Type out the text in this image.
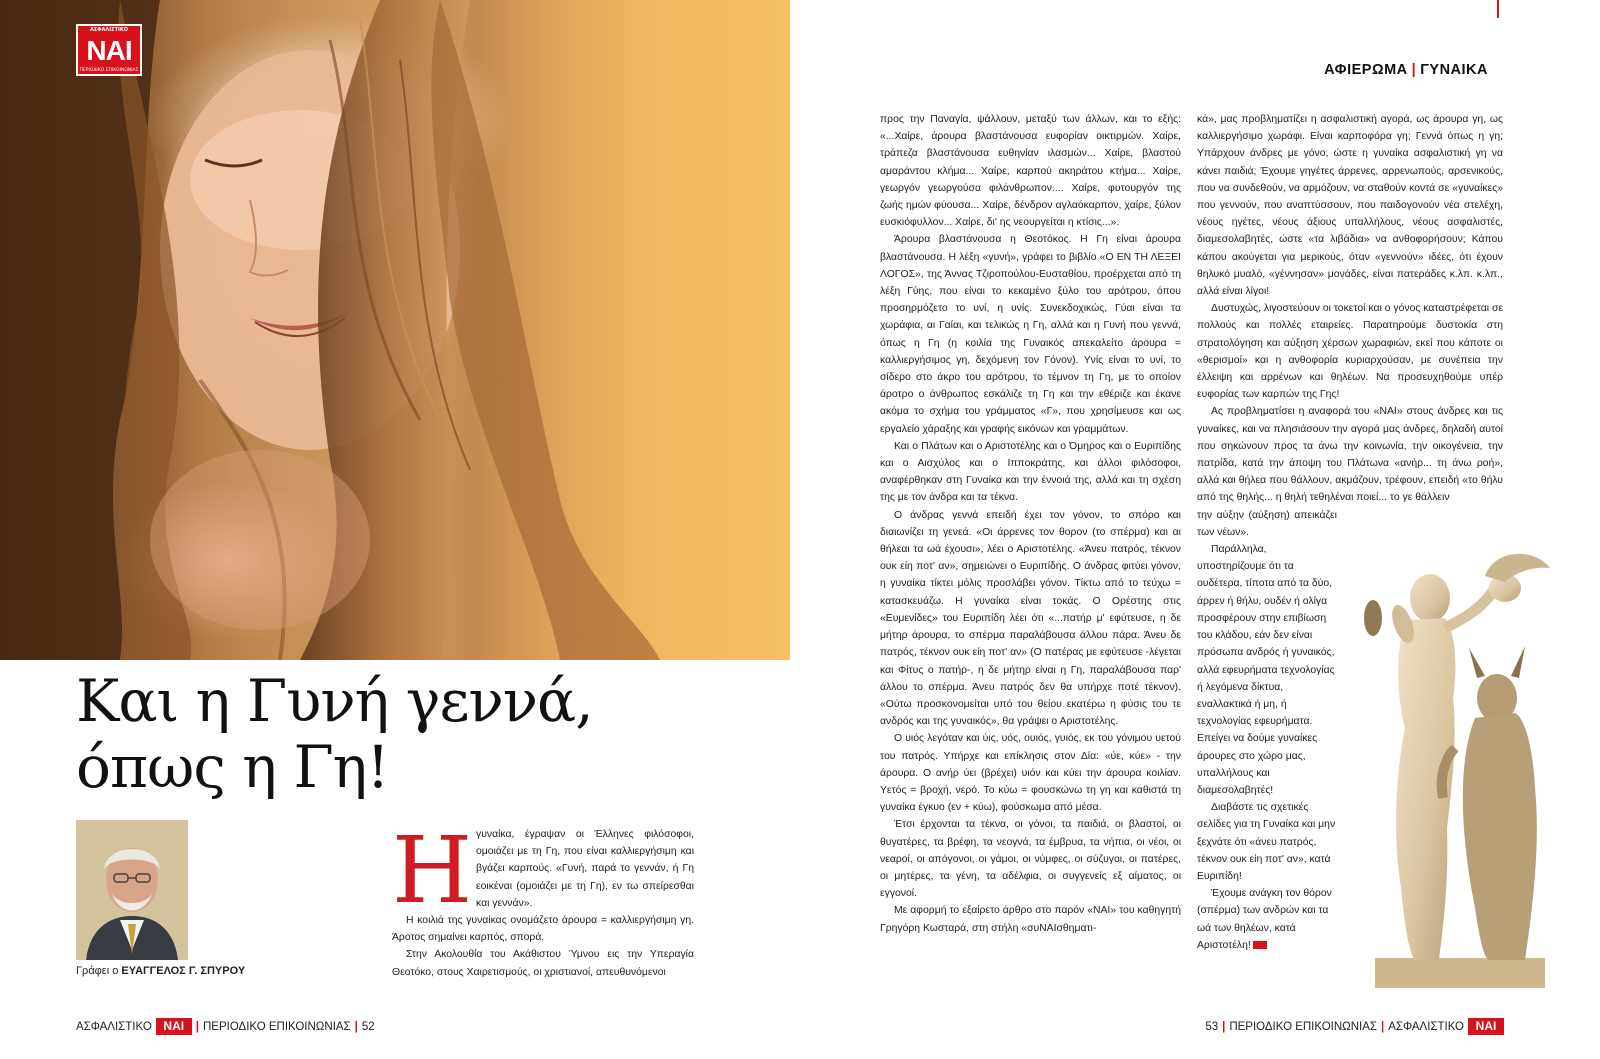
ΑΣΦΑΛΙΣΤΙΚΟ
ΝΑΙ
ΠΕΡΙΟΔΙΚΟ ΕΠΙΚΟΙΝΩΝΙΑΣ
Και η Γυνή γεννά,
όπως η Γη!
Γράφει ο ΕΥΑΓΓΕΛΟΣ Γ. ΣΠΥΡΟΥ
Η γυναίκα, έγραψαν οι Έλληνες φιλόσοφοι, ομοιάζει με τη Γη, που είναι καλλιεργήσιμη και βγάζει καρπούς. «Γυνή, παρά το γεννάν, ή Γη εοικέναι (ομοιάζει με τη Γη), εν τω σπείρεσθαι και γεννάν».

Η κοιλιά της γυναίκας ονομάζετο άρουρα = καλλιεργήσιμη γη. Άροτος σημαίνει καρπός, σπορά.

Στην Ακολουθία του Ακάθιστου Ύμνου εις την Υπεραγία Θεοτόκο, στους Χαιρετισμούς, οι χριστιανοί, απευθυνόμενοι

ΑΣΦΑΛΙΣΤΙΚΟ ΝΑΙ	| ΠΕΡΙΟΔΙΚΟ ΕΠΙΚΟΙΝΩΝΙΑΣ | 52
ΑΦΙΕΡΩΜΑ | ΓΥΝΑΙΚΑ

προς την Παναγία, ψάλλουν, μεταξύ των άλλων, και το εξής: «...Χαίρε, άρουρα βλαστάνουσα ευφορίαν οικτιρμών. Χαίρε, τράπεζα βλαστάνουσα ευθηνίαν ιλασμών... Χαίρε, βλαστού αμαράντου κλήμα... Χαίρε, καρπού ακηράτου κτήμα... Χαίρε, γεωργόν γεωργούσα φιλάνθρωπον.... Χαίρε, φυτουργόν της ζωής ημών φύουσα... Χαίρε, δένδρον αγλαόκαρπον, χαίρε, ξύλον ευσκιόφυλλον... Χαίρε, δι' ης νεουργείται η κτίσις...».

Άρουρα βλαστάνουσα η Θεοτόκος. Η Γη είναι άρουρα βλαστάνουσα. Η λέξη «γυνή», γράφει το βιβλίο «Ο ΕΝ ΤΗ ΛΕΞΕΙ ΛΟΓΟΣ», της Άννας Τζιροπούλου-Ευσταθίου, προέρχεται από τη λέξη Γύης, που είναι το κεκαμένο ξύλο του αρότρου, όπου προσηρμόζετο το υνί, η υνίς. Συνεκδοχικώς, Γύαι είναι τα χωράφια, αι Γαίαι, και τελικώς η Γη, αλλά και η Γυνή που γεννά, όπως η Γη (η κοιλία της Γυναικός απεκαλείτο άρουρα = καλλιεργήσιμος γη, δεχόμενη τον Γόνον). Υνίς είναι το υνί, το σίδερο στο άκρο του αρότρου, το τέμνον τη Γη, με το οποίον άροτρο ο άνθρωπος εσκάλιζε τη Γη και την εθέριζε και έκανε ακόμα το σχήμα του γράμματος «Γ», που χρησίμευσε και ως εργαλείο χάραξης και γραφής εικόνων και γραμμάτων.

Και ο Πλάτων και ο Αριστοτέλης και ο Όμηρος και ο Ευριπίδης και ο Αισχύλος και ο Ιπποκράτης, και άλλοι φιλόσοφοι, αναφέρθηκαν στη Γυναίκα και την έννοιά της, αλλά και τη σχέση της με τον άνδρα και τα τέκνα.

Ο άνδρας γεννά επειδή έχει τον γόνον, το σπόρο και διαιωνίζει τη γενεά. «Οι άρρενες τον θορον (το σπέρμα) και αι θήλεαι τα ωά έχουσι», λέει ο Αριστοτέλης. «Άνευ πατρός, τέκνον ουκ είη ποτ' αν», σημειώνει ο Ευριπίδης. Ο άνδρας φιτύει γόνον, η γυναίκα τίκτει μόλις προσλάβει γόνον. Τίκτω από το τεύχω = κατασκευάζω. Η γυναίκα είναι τοκάς. Ο Ορέστης στις «Ευμενίδες» του Ευριπίδη λέει ότι «...πατήρ μ' εφύτευσε, η δε μήτηρ άρουρα, το σπέρμα παραλάβουσα άλλου πάρα. Άνευ δε πατρός, τέκνον ουκ είη ποτ' αν» (Ο πατέρας με εφύτευσε -λέγεται και Φίτυς ο πατήρ-, η δε μήτηρ είναι η Γη, παραλάβουσα παρ' άλλου το σπέρμα. Άνευ πατρός δεν θα υπήρχε ποτέ τέκνον). «Ούτω προσκονομείται υπό του θείου εκατέρω η φύσις του τε ανδρός και της γυναικός», θα γράψει ο Αριστοτέλης.

Ο υιός λεγόταν και ύις, υός, ουιός, γυιός, εκ του γόνιμου υετού του πατρός. Υπήρχε και επίκλησις στον Δία: «ύε, κύε» - την άρουρα. Ο ανήρ ύει (βρέχει) υιόν και κύει την άρουρα κοιλίαν. Υετός = βροχή, νερό. Το κύω = φουσκώνω τη γη και καθιστά τη γυναίκα έγκυο (εν + κύω), φούσκωμα από μέσα.

Έτσι έρχονται τα τέκνα, οι γόνοι, τα παιδιά, οι βλαστοί, οι θυγατέρες, τα βρέφη, τα νεογνά, τα έμβρυα, τα νήπια, οι νέοι, οι νεαροί, οι απόγονοι, οι γάμοι, οι νύμφες, οι σύζυγοι, οι πατέρες, οι μητέρες, τα γένη, τα αδέλφια, οι συγγενείς εξ αίματος, οι εγγονοί.

Με αφορμή το εξαίρετο άρθρο στο παρόν «ΝΑΙ» του καθηγητή Γρηγόρη Κωσταρά, στη στήλη «συΝΑΙσθηματι-

κά», μας προβληματίζει η ασφαλιστική αγορά, ως άρουρα γη, ως καλλιεργήσιμο χωράφι. Είναι καρποφόρα γη; Γεννά όπως η γη; Υπάρχουν άνδρες με γόνο, ώστε η γυναίκα ασφαλιστική γη να κάνει παιδιά; Έχουμε γηγέτες άρρενες, αρρενωπούς, αρσενικούς, που να συνδεθούν, να αρμόζουν, να σταθούν κοντά σε «γυναίκες» που γεννούν, που αναπτύσσουν, που παιδογονούν νέα στελέχη, νέους ηγέτες, νέους άξιους υπαλλήλους, νέους ασφαλιστές, διαμεσολαβητές, ώστε «τα λιβάδια» να ανθοφορήσουν; Κάπου κάπου ακούγεται για μερικούς, όταν «γεννούν» ιδέες, ότι έχουν θηλυκό μυαλό, «γέννησαν» μονάδες, είναι πατεράδες κ.λπ. κ.λπ., αλλά είναι λίγοι!

Δυστυχώς, λιγοστεύουν οι τοκετοί και ο γόνος καταστρέφεται σε πολλούς και πολλές εταιρείες. Παρατηρούμε δυστοκία στη στρατολόγηση και αύξηση χέρσων χωραφιών, εκεί που κάποτε οι «θερισμοί» και η ανθοφορία κυριαρχούσαν, με συνέπεια την έλλειψη και αρρένων και θηλέων. Να προσευχηθούμε υπέρ ευφορίας των καρπών της Γης!

Ας προβληματίσει η αναφορά του «ΝΑΙ» στους άνδρες και τις γυναίκες, και να πλησιάσουν την αγορά μας άνδρες, δηλαδή αυτοί που σηκώνουν προς τα άνω την κοινωνία, την οικογένεια, την πατρίδα, κατά την άποψη του Πλάτωνα «ανήρ... τη άνω ροή», αλλά και θήλεα που θάλλουν, ακμάζουν, τρέφουν, επειδή «το θήλυ από της θηλής... η θηλή τεθηλέναι ποιεί... το γε θάλλειν

την αύξην (αύξηση) απεικάζει των νέων».

Παράλληλα, υποστηρίζουμε ότι τα ουδέτερα, τίποτα από τα δύο, άρρεν ή θήλυ, ουδέν ή ολίγα προσφέρουν στην επιβίωση του κλάδου, εάν δεν είναι πρόσωπα ανδρός ή γυναικός, αλλά εφευρήματα τεχνολογίας ή λεγόμενα δίκτυα, εναλλακτικά ή μη, ή τεχνολογίας εφευρήματα. Επείγει να δούμε γυναίκες άρουρες στο χώρο μας, υπαλλήλους και διαμεσολαβητές!

Διαβάστε τις σχετικές σελίδες για τη Γυναίκα και μην ξεχνάτε ότι «άνευ πατρός, τέκνον ουκ είη ποτ' αν», κατά Ευριπίδη!

Έχουμε ανάγκη τον θόρον (σπέρμα) των ανδρών και τα ωά των θηλέων, κατά Αριστοτέλη!

53 | ΠΕΡΙΟΔΙΚΟ ΕΠΙΚΟΙΝΩΝΙΑΣ | ΑΣΦΑΛΙΣΤΙΚΟ ΝΑΙ
